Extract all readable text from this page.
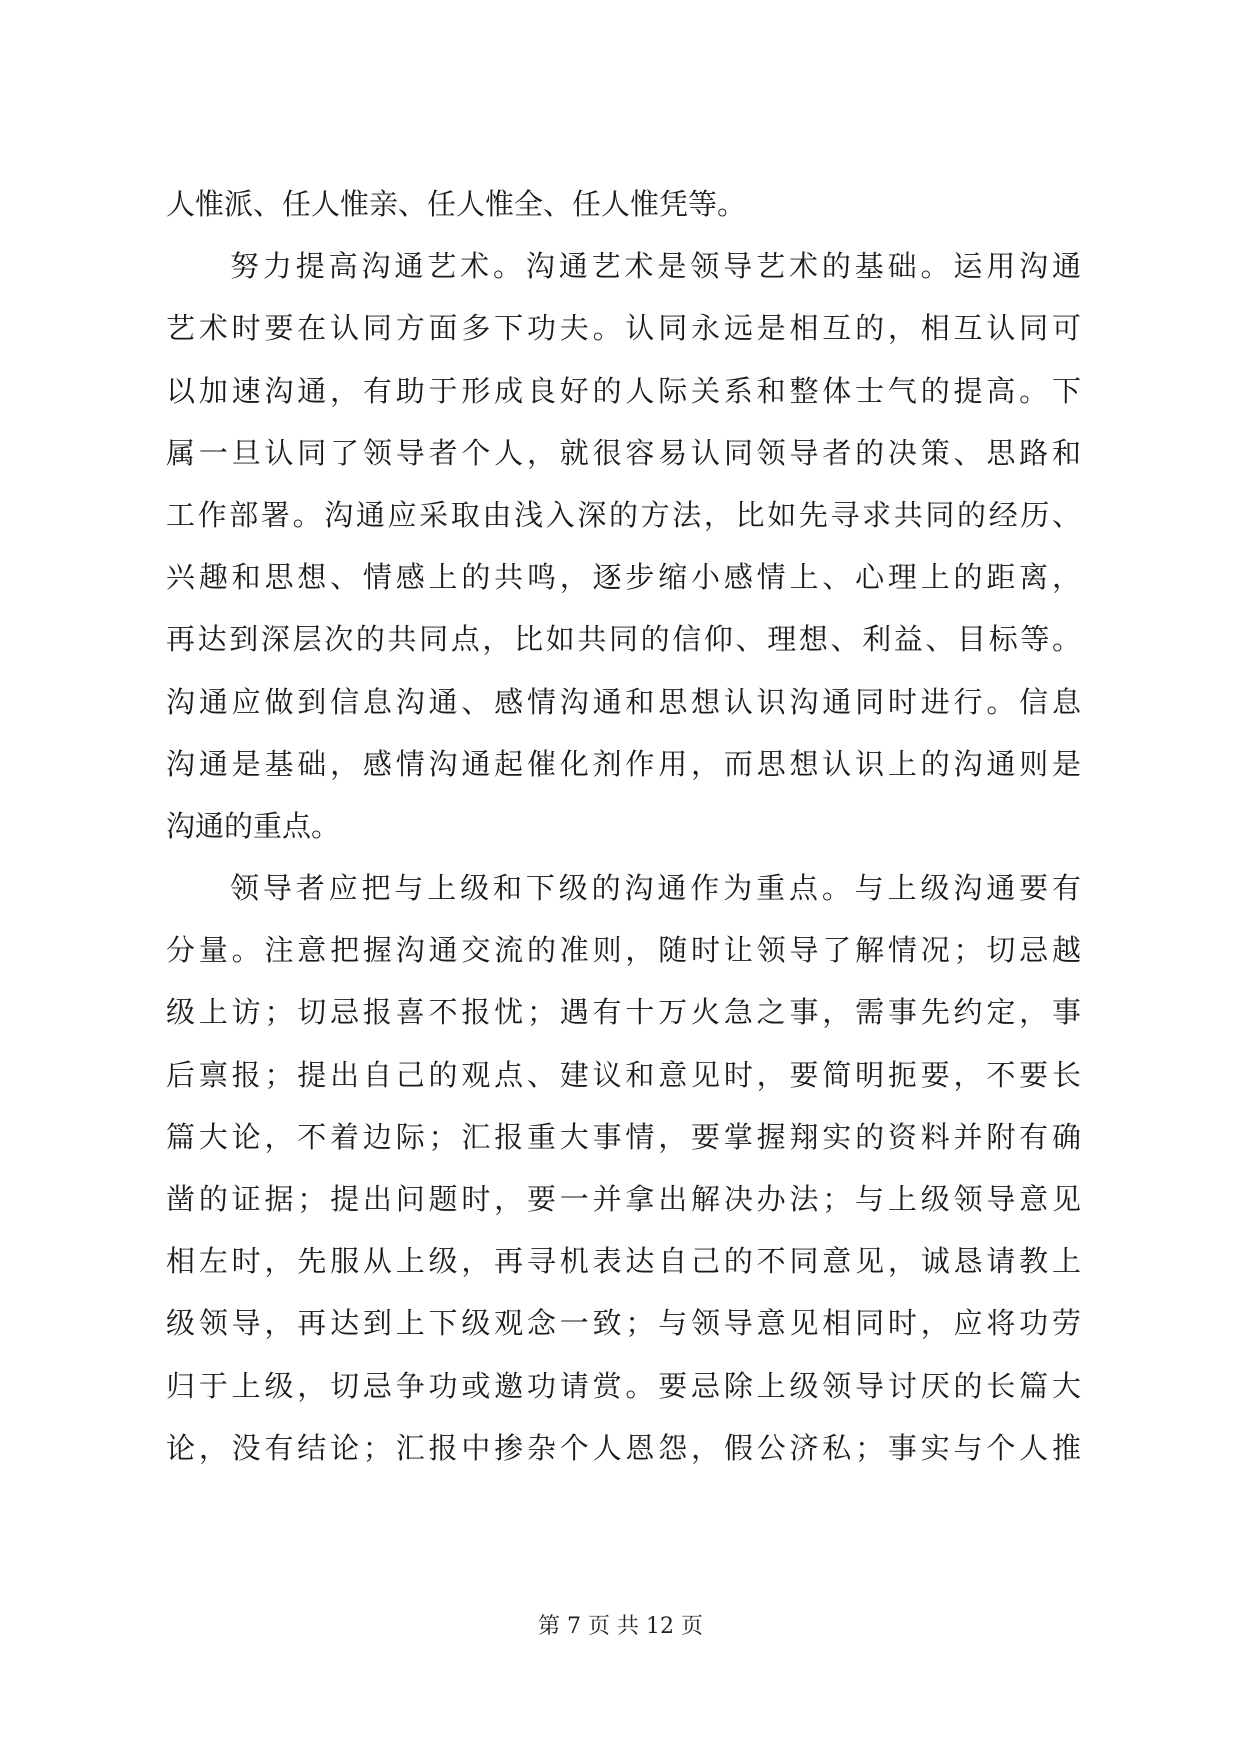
人惟派、任人惟亲、任人惟全、任人惟凭等。
努力提高沟通艺术。沟通艺术是领导艺术的基础。运用沟通
艺术时要在认同方面多下功夫。认同永远是相互的，相互认同可
以加速沟通，有助于形成良好的人际关系和整体士气的提高。下
属一旦认同了领导者个人，就很容易认同领导者的决策、思路和
工作部署。沟通应采取由浅入深的方法，比如先寻求共同的经历、
兴趣和思想、情感上的共鸣，逐步缩小感情上、心理上的距离，
再达到深层次的共同点，比如共同的信仰、理想、利益、目标等。
沟通应做到信息沟通、感情沟通和思想认识沟通同时进行。信息
沟通是基础，感情沟通起催化剂作用，而思想认识上的沟通则是
沟通的重点。
领导者应把与上级和下级的沟通作为重点。与上级沟通要有
分量。注意把握沟通交流的准则，随时让领导了解情况；切忌越
级上访；切忌报喜不报忧；遇有十万火急之事，需事先约定，事
后禀报；提出自己的观点、建议和意见时，要简明扼要，不要长
篇大论，不着边际；汇报重大事情，要掌握翔实的资料并附有确
凿的证据；提出问题时，要一并拿出解决办法；与上级领导意见
相左时，先服从上级，再寻机表达自己的不同意见，诚恳请教上
级领导，再达到上下级观念一致；与领导意见相同时，应将功劳
归于上级，切忌争功或邀功请赏。要忌除上级领导讨厌的长篇大
论，没有结论；汇报中掺杂个人恩怨，假公济私；事实与个人推
第 7 页 共 12 页
